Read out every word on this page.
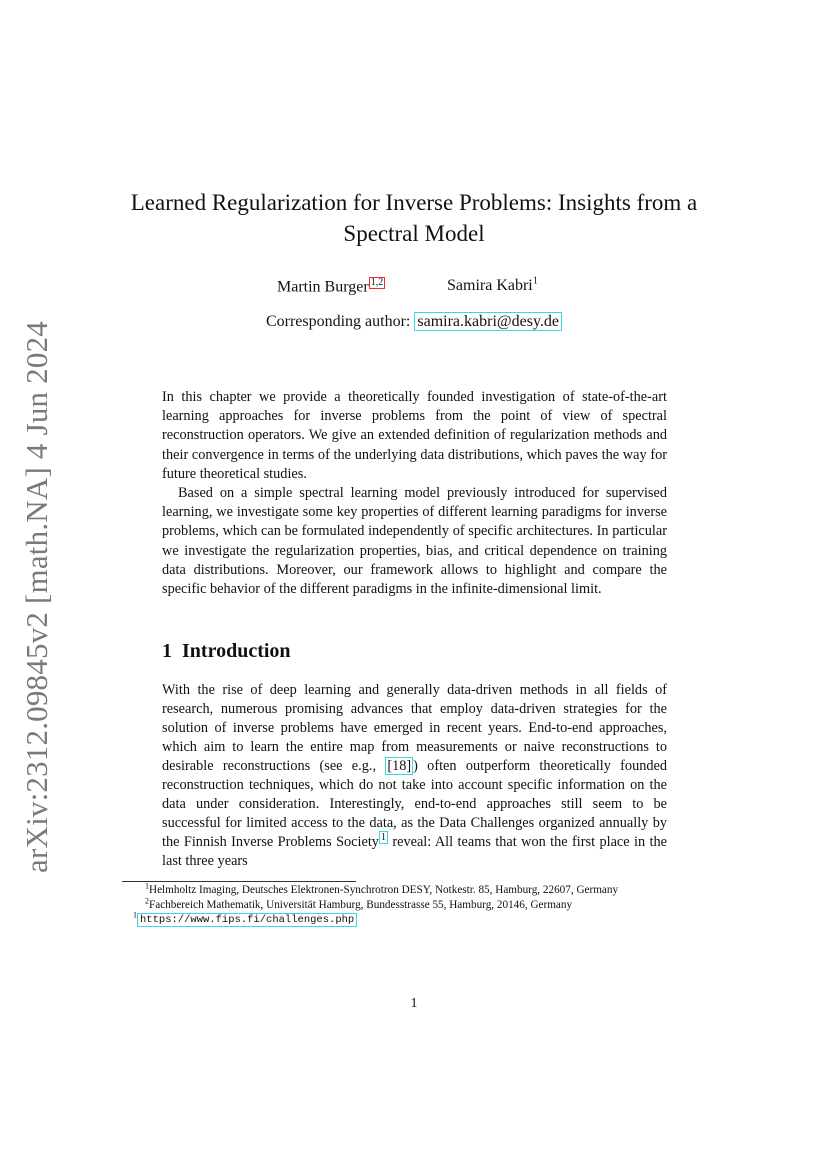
arXiv:2312.09845v2 [math.NA] 4 Jun 2024
Learned Regularization for Inverse Problems: Insights from a Spectral Model
Martin Burger $^{1,2}$	Samira Kabri$^1$
Corresponding author: samira.kabri@desy.de

In this chapter we provide a theoretically founded investigation of state-of-the-art learning approaches for inverse problems from the point of view of spectral reconstruction operators. We give an extended definition of regularization methods and their convergence in terms of the underlying data distributions, which paves the way for future theoretical studies.

Based on a simple spectral learning model previously introduced for supervised learning, we investigate some key properties of different learning paradigms for inverse problems, which can be formulated independently of specific architectures. In particular we investigate the regularization properties, bias, and critical dependence on training data distributions. Moreover, our framework allows to highlight and compare the specific behavior of the different paradigms in the infinite-dimensional limit.

1 Introduction

With the rise of deep learning and generally data-driven methods in all fields of research, numerous promising advances that employ data-driven strategies for the solution of inverse problems have emerged in recent years. End-to-end approaches, which aim to learn the entire map from measurements or naive reconstructions to desirable reconstructions (see e.g., [18] ) often outperform theoretically founded reconstruction techniques, which do not take into account specific information on the data under consideration. Interestingly, end-to-end approaches still seem to be successful for limited access to the data, as the Data Challenges organized annually by the Finnish Inverse Problems Society $^1$ reveal: All teams that won the first place in the last three years

$^1$Helmholtz Imaging, Deutsches Elektronen-Synchrotron DESY, Notkestr. 85, Hamburg, 22607, Germany

$^2$Fachbereich Mathematik, Universität Hamburg, Bundesstrasse 55, Hamburg, 20146, Germany

$^1$ https://www.fips.fi/challenges.php

1
